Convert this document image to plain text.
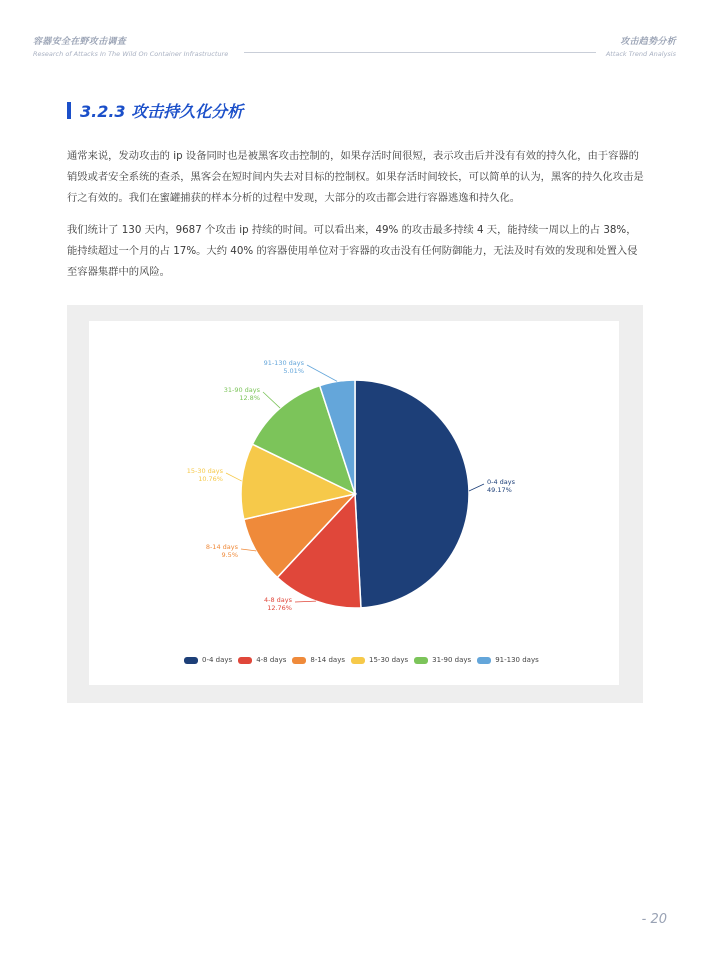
容器安全在野攻击调查
Research of Attacks In The Wild On Container Infrastructure
攻击趋势分析
Attack Trend Analysis
3.2.3 攻击持久化分析
通常来说，发动攻击的 ip 设备同时也是被黑客攻击控制的，如果存活时间很短，表示攻击后并没有有效的持久化，由于容器的销毁或者安全系统的查杀，黑客会在短时间内失去对目标的控制权。如果存活时间较长，可以简单的认为，黑客的持久化攻击是行之有效的。我们在蜜罐捕获的样本分析的过程中发现，大部分的攻击都会进行容器逃逸和持久化。
我们统计了 130 天内，9687 个攻击 ip 持续的时间。可以看出来，49% 的攻击最多持续 4 天，能持续一周以上的占 38%，能持续超过一个月的占 17%。大约 40% 的容器使用单位对于容器的攻击没有任何防御能力，无法及时有效的发现和处置入侵至容器集群中的风险。
0-4 days
49.17%
4-8 days
12.76%
8-14 days
9.5%
15-30 days
10.76%
31-90 days
12.8%
91-130 days
5.01%
0-4 days	4-8 days	8-14 days	15-30 days	31-90 days	91-130 days
- 20
